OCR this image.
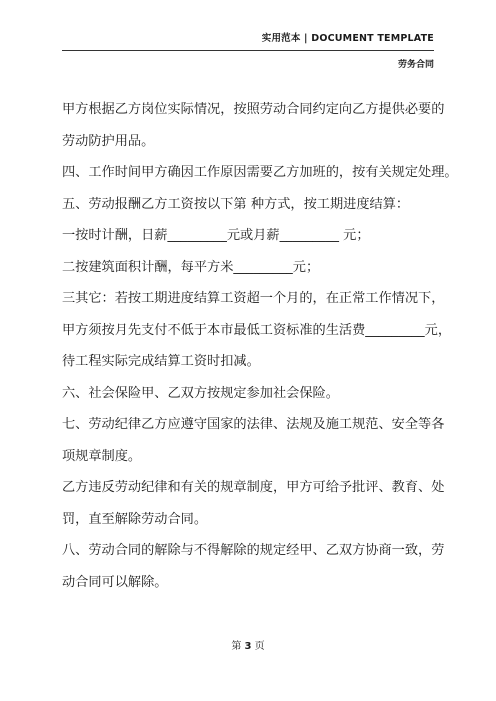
实用范本 | DOCUMENT TEMPLATE
劳务合同

甲方根据乙方岗位实际情况，按照劳动合同约定向乙方提供必要的

劳动防护用品。

四、工作时间甲方确因工作原因需要乙方加班的，按有关规定处理。

五、劳动报酬乙方工资按以下第 种方式，按工期进度结算：

一按时计酬，日薪_________元或月薪_________ 元；

二按建筑面积计酬，每平方米_________元；

三其它：若按工期进度结算工资超一个月的，在正常工作情况下，

甲方须按月先支付不低于本市最低工资标准的生活费_________元，

待工程实际完成结算工资时扣减。

六、社会保险甲、乙双方按规定参加社会保险。

七、劳动纪律乙方应遵守国家的法律、法规及施工规范、安全等各

项规章制度。

乙方违反劳动纪律和有关的规章制度，甲方可给予批评、教育、处

罚，直至解除劳动合同。

八、劳动合同的解除与不得解除的规定经甲、乙双方协商一致，劳

动合同可以解除。

第 3 页
